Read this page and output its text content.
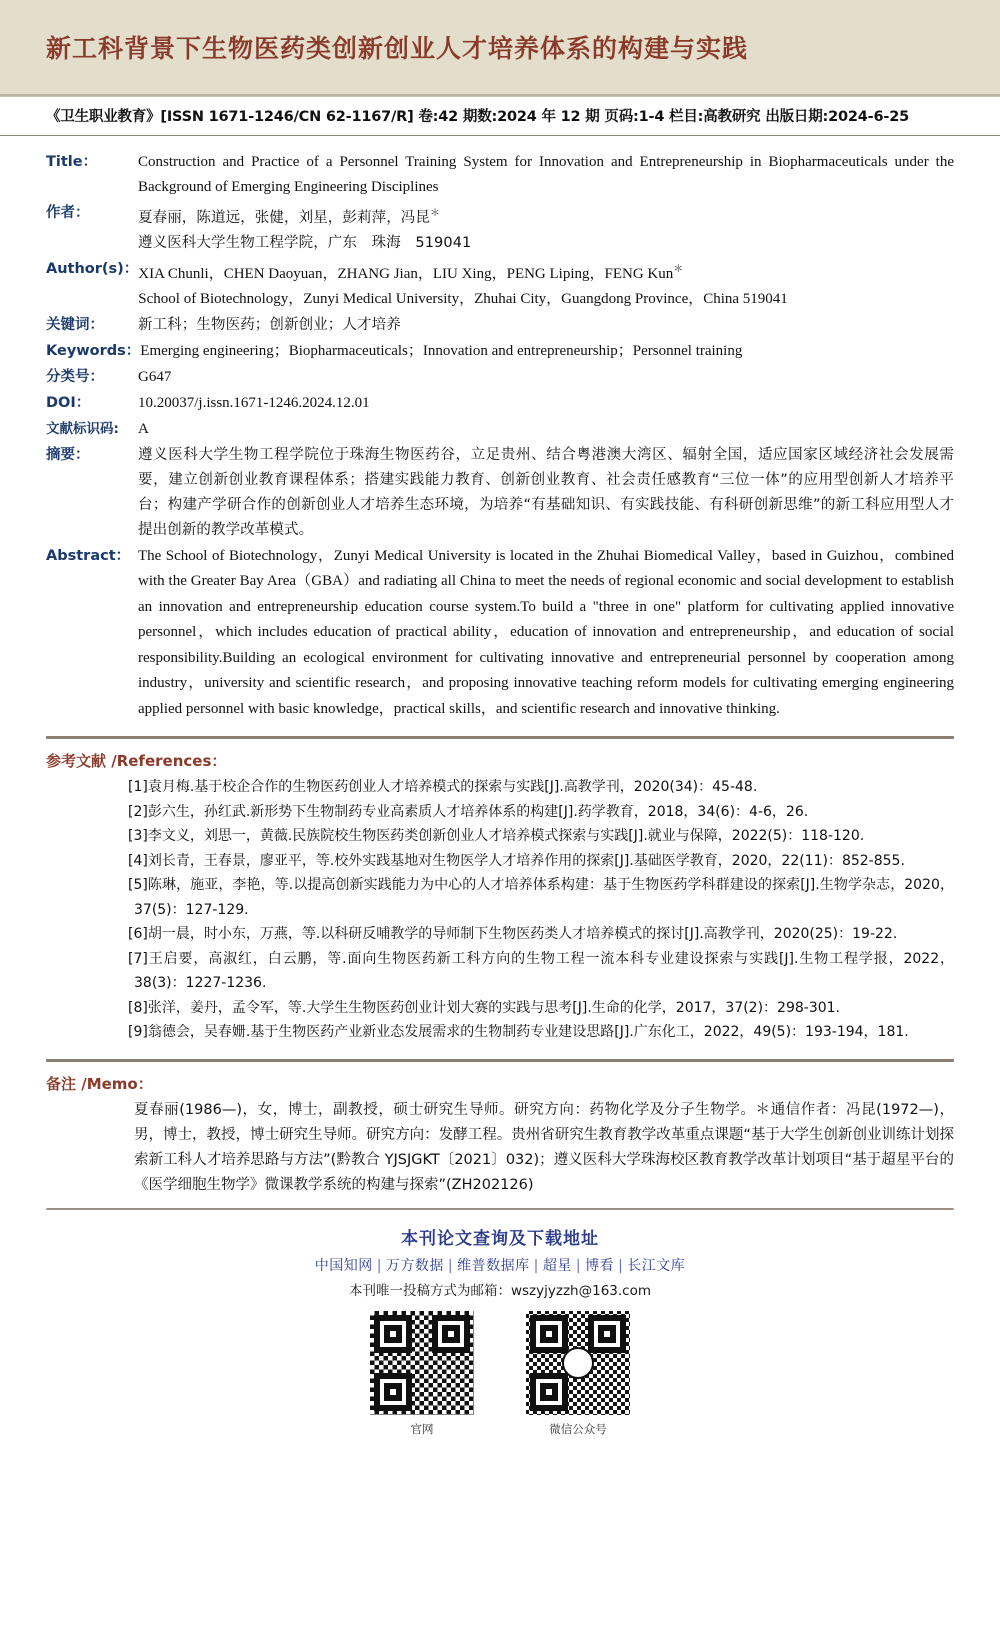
新工科背景下生物医药类创新创业人才培养体系的构建与实践
《卫生职业教育》[ISSN 1671-1246/CN 62-1167/R] 卷:42 期数:2024 年 12 期 页码:1-4 栏目:高教研究 出版日期:2024-6-25
Title：	Construction and Practice of a Personnel Training System for Innovation and Entrepreneurship in Biopharmaceuticals under the Background of Emerging Engineering Disciplines
作者：	夏春丽，陈道远，张健，刘星，彭莉萍，冯昆＊
遵义医科大学生物工程学院，广东　珠海　519041
Author(s)： XIA Chunli，CHEN Daoyuan，ZHANG Jian，LIU Xing，PENG Liping，FENG Kun＊
School of Biotechnology，Zunyi Medical University，Zhuhai City，Guangdong Province，China 519041
关键词：	新工科；生物医药；创新创业；人才培养
Keywords： Emerging engineering；Biopharmaceuticals；Innovation and entrepreneurship；Personnel training
分类号：	G647
DOI：	10.20037/j.issn.1671-1246.2024.12.01
文献标识码:	A
摘要：	遵义医科大学生物工程学院位于珠海生物医药谷，立足贵州、结合粤港澳大湾区、辐射全国，适应国家区域经济社会发展需要，建立创新创业教育课程体系；搭建实践能力教育、创新创业教育、社会责任感教育“三位一体”的应用型创新人才培养平台；构建产学研合作的创新创业人才培养生态环境，为培养“有基础知识、有实践技能、有科研创新思维”的新工科应用型人才提出创新的教学改革模式。
Abstract： The School of Biotechnology，Zunyi Medical University is located in the Zhuhai Biomedical Valley，based in Guizhou，combined with the Greater Bay Area（GBA）and radiating all China to meet the needs of regional economic and social development to establish an innovation and entrepreneurship education course system.To build a "three in one" platform for cultivating applied innovative personnel，which includes education of practical ability，education of innovation and entrepreneurship，and education of social responsibility.Building an ecological environment for cultivating innovative and entrepreneurial personnel by cooperation among industry，university and scientific research，and proposing innovative teaching reform models for cultivating emerging engineering applied personnel with basic knowledge，practical skills，and scientific research and innovative thinking.
参考文献 /References：
[1]袁月梅.基于校企合作的生物医药创业人才培养模式的探索与实践[J].高教学刊，2020(34)：45-48.
[2]彭六生，孙红武.新形势下生物制药专业高素质人才培养体系的构建[J].药学教育，2018，34(6)：4-6，26.
[3]李文义，刘思一，黄薇.民族院校生物医药类创新创业人才培养模式探索与实践[J].就业与保障，2022(5)：118-120.
[4]刘长青，王春景，廖亚平，等.校外实践基地对生物医学人才培养作用的探索[J].基础医学教育，2020，22(11)：852-855.
[5]陈琳，施亚，李艳，等.以提高创新实践能力为中心的人才培养体系构建：基于生物医药学科群建设的探索[J].生物学杂志，2020，37(5)：127-129.
[6]胡一晨，时小东，万燕，等.以科研反哺教学的导师制下生物医药类人才培养模式的探讨[J].高教学刊，2020(25)：19-22.
[7]王启要，高淑红，白云鹏，等.面向生物医药新工科方向的生物工程一流本科专业建设探索与实践[J].生物工程学报，2022，38(3)：1227-1236.
[8]张洋，姜丹，孟令军，等.大学生生物医药创业计划大赛的实践与思考[J].生命的化学，2017，37(2)：298-301.
[9]翁德会，吴春姗.基于生物医药产业新业态发展需求的生物制药专业建设思路[J].广东化工，2022，49(5)：193-194，181.
备注 /Memo：
夏春丽(1986—)，女，博士，副教授，硕士研究生导师。研究方向：药物化学及分子生物学。＊通信作者：冯昆(1972—)，男，博士，教授，博士研究生导师。研究方向：发酵工程。贵州省研究生教育教学改革重点课题“基于大学生创新创业训练计划探索新工科人才培养思路与方法”(黔教合 YJSJGKT〔2021〕032)；遵义医科大学珠海校区教育教学改革计划项目“基于超星平台的《医学细胞生物学》微课教学系统的构建与探索”(ZH202126)
本刊论文查询及下载地址
中国知网 | 万方数据 | 维普数据库 | 超星 | 博看 | 长江文库
本刊唯一投稿方式为邮箱：wszyjyzzh@163.com
官网	微信公众号
